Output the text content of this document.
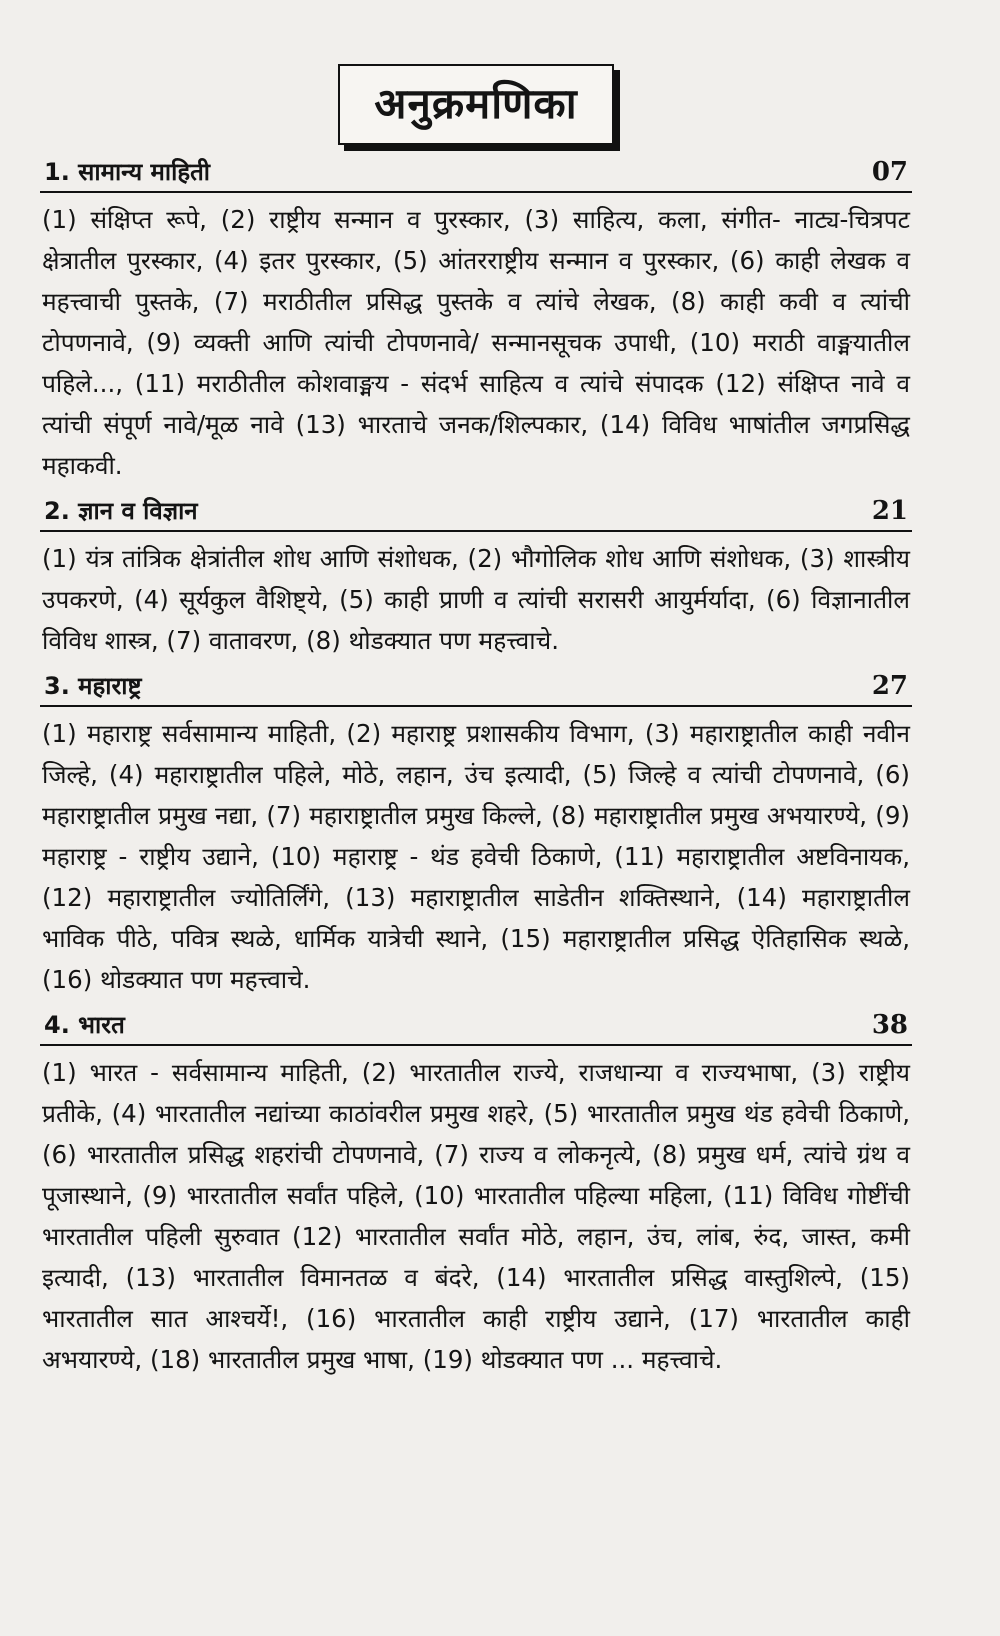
अनुक्रमणिका
1. सामान्य माहिती	07

(1) संक्षिप्त रूपे, (2) राष्ट्रीय सन्मान व पुरस्कार, (3) साहित्य, कला, संगीत- नाट्य-चित्रपट क्षेत्रातील पुरस्कार, (4) इतर पुरस्कार, (5) आंतरराष्ट्रीय सन्मान व पुरस्कार, (6) काही लेखक व महत्त्वाची पुस्तके, (7) मराठीतील प्रसिद्ध पुस्तके व त्यांचे लेखक, (8) काही कवी व त्यांची टोपणनावे, (9) व्यक्ती आणि त्यांची टोपणनावे/ सन्मानसूचक उपाधी, (10) मराठी वाङ्मयातील पहिले..., (11) मराठीतील कोशवाङ्मय - संदर्भ साहित्य व त्यांचे संपादक (12) संक्षिप्त नावे व त्यांची संपूर्ण नावे/मूळ नावे (13) भारताचे जनक/शिल्पकार, (14) विविध भाषांतील जगप्रसिद्ध महाकवी.

2. ज्ञान व विज्ञान	21

(1) यंत्र तांत्रिक क्षेत्रांतील शोध आणि संशोधक, (2) भौगोलिक शोध आणि संशोधक, (3) शास्त्रीय उपकरणे, (4) सूर्यकुल वैशिष्ट्ये, (5) काही प्राणी व त्यांची सरासरी आयुर्मर्यादा, (6) विज्ञानातील विविध शास्त्र, (7) वातावरण, (8) थोडक्यात पण महत्त्वाचे.

3. महाराष्ट्र	27

(1) महाराष्ट्र सर्वसामान्य माहिती, (2) महाराष्ट्र प्रशासकीय विभाग, (3) महाराष्ट्रातील काही नवीन जिल्हे, (4) महाराष्ट्रातील पहिले, मोठे, लहान, उंच इत्यादी, (5) जिल्हे व त्यांची टोपणनावे, (6) महाराष्ट्रातील प्रमुख नद्या, (7) महाराष्ट्रातील प्रमुख किल्ले, (8) महाराष्ट्रातील प्रमुख अभयारण्ये, (9) महाराष्ट्र - राष्ट्रीय उद्याने, (10) महाराष्ट्र - थंड हवेची ठिकाणे, (11) महाराष्ट्रातील अष्टविनायक, (12) महाराष्ट्रातील ज्योतिर्लिंगे, (13) महाराष्ट्रातील साडेतीन शक्तिस्थाने, (14) महाराष्ट्रातील भाविक पीठे, पवित्र स्थळे, धार्मिक यात्रेची स्थाने, (15) महाराष्ट्रातील प्रसिद्ध ऐतिहासिक स्थळे, (16) थोडक्यात पण महत्त्वाचे.

4. भारत	38

(1) भारत - सर्वसामान्य माहिती, (2) भारतातील राज्ये, राजधान्या व राज्यभाषा, (3) राष्ट्रीय प्रतीके, (4) भारतातील नद्यांच्या काठांवरील प्रमुख शहरे, (5) भारतातील प्रमुख थंड हवेची ठिकाणे, (6) भारतातील प्रसिद्ध शहरांची टोपणनावे, (7) राज्य व लोकनृत्ये, (8) प्रमुख धर्म, त्यांचे ग्रंथ व पूजास्थाने, (9) भारतातील सर्वांत पहिले, (10) भारतातील पहिल्या महिला, (11) विविध गोष्टींची भारतातील पहिली सुरुवात (12) भारतातील सर्वांत मोठे, लहान, उंच, लांब, रुंद, जास्त, कमी इत्यादी, (13) भारतातील विमानतळ व बंदरे, (14) भारतातील प्रसिद्ध वास्तुशिल्पे, (15) भारतातील सात आश्चर्ये!, (16) भारतातील काही राष्ट्रीय उद्याने, (17) भारतातील काही अभयारण्ये, (18) भारतातील प्रमुख भाषा, (19) थोडक्यात पण ... महत्त्वाचे.
